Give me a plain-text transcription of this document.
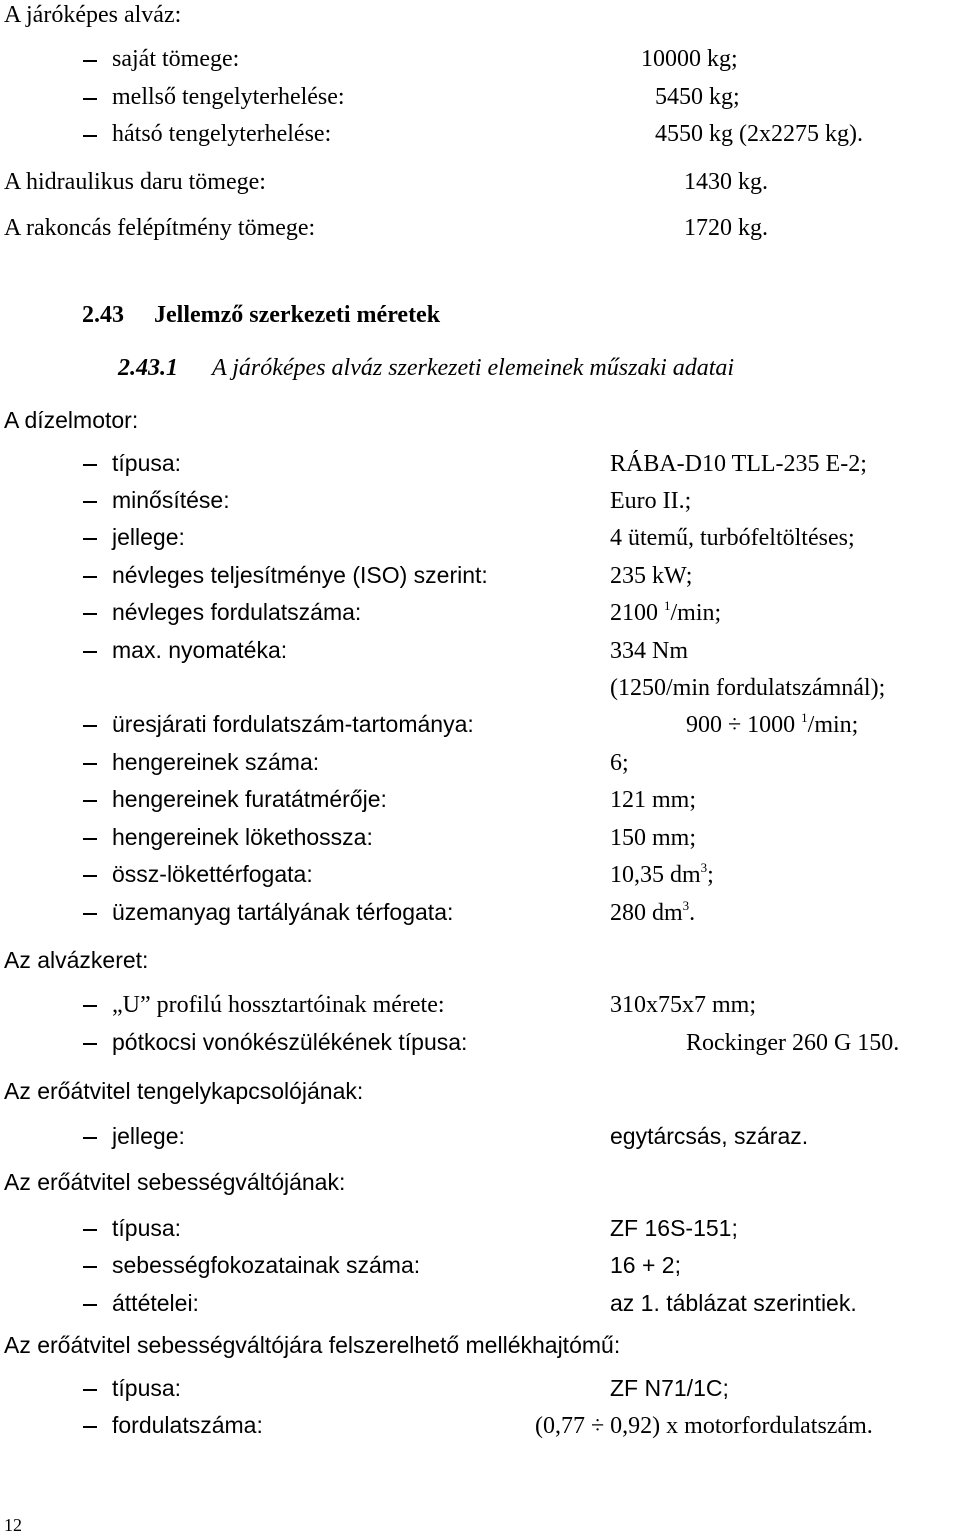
A járóképes alváz:
saját tömege:	10000 kg;
mellső tengelyterhelése:	5450 kg;
hátsó tengelyterhelése:	4550 kg (2x2275 kg).
A hidraulikus daru tömege:	1430 kg.
A rakoncás felépítmény tömege:	1720 kg.
2.43 Jellemző szerkezeti méretek
2.43.1 A járóképes alváz szerkezeti elemeinek műszaki adatai
A dízelmotor:
típusa:	RÁBA-D10 TLL-235 E-2;
minősítése:	Euro II.;
jellege:	4 ütemű, turbófeltöltéses;
névleges teljesítménye (ISO) szerint:	235 kW;
névleges fordulatszáma:	2100 $^1$/min;
max. nyomatéka:	334 Nm
(1250/min fordulatszámnál);
üresjárati fordulatszám-tartománya:	900 ÷ 1000 $^1$/min;
hengereinek száma:	6;
hengereinek furatátmérője:	121 mm;
hengereinek lökethossza:	150 mm;
össz-lökettérfogata:	10,35 $dm^3$;
üzemanyag tartályának térfogata:	280 $dm^3$.
Az alvázkeret:
„U” profilú hossztartóinak mérete:	310x75x7 mm;
pótkocsi vonókészülékének típusa:	Rockinger 260 G 150.
Az erőátvitel tengelykapcsolójának:
jellege:	egytárcsás, száraz.
Az erőátvitel sebességváltójának:
típusa:	ZF 16S-151;
sebességfokozatainak száma:	16 + 2;
áttételei:	az 1. táblázat szerintiek.
Az erőátvitel sebességváltójára felszerelhető mellékhajtómű:
típusa:	ZF N71/1C;
fordulatszáma:	(0,77 ÷ 0,92) x motorfordulatszám.
12
